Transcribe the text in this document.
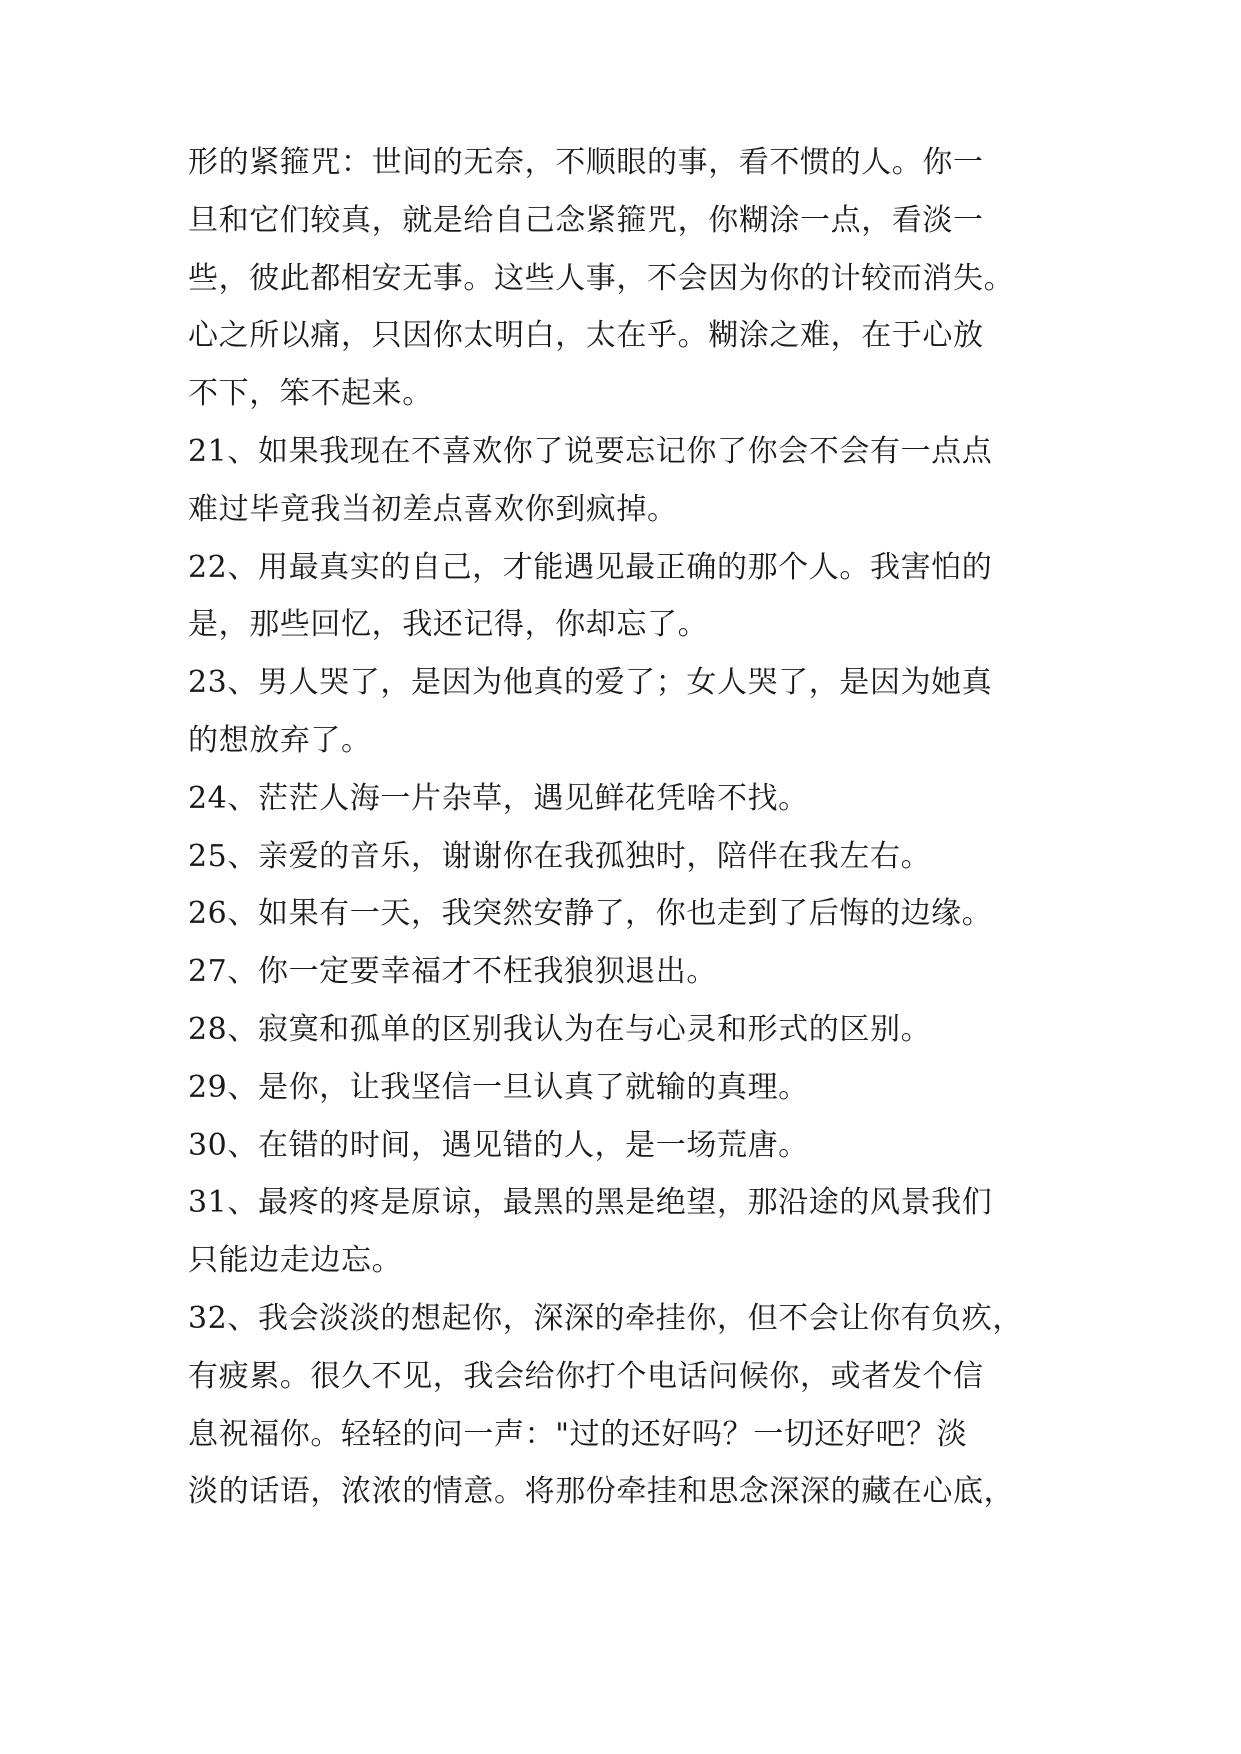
形的紧箍咒：世间的无奈，不顺眼的事，看不惯的人。你一
旦和它们较真，就是给自己念紧箍咒，你糊涂一点，看淡一
些，彼此都相安无事。这些人事，不会因为你的计较而消失。
心之所以痛，只因你太明白，太在乎。糊涂之难，在于心放
不下，笨不起来。
21、如果我现在不喜欢你了说要忘记你了你会不会有一点点
难过毕竟我当初差点喜欢你到疯掉。
22、用最真实的自己，才能遇见最正确的那个人。我害怕的
是，那些回忆，我还记得，你却忘了。
23、男人哭了，是因为他真的爱了；女人哭了，是因为她真
的想放弃了。
24、茫茫人海一片杂草，遇见鲜花凭啥不找。
25、亲爱的音乐，谢谢你在我孤独时，陪伴在我左右。
26、如果有一天，我突然安静了，你也走到了后悔的边缘。
27、你一定要幸福才不枉我狼狈退出。
28、寂寞和孤单的区别我认为在与心灵和形式的区别。
29、是你，让我坚信一旦认真了就输的真理。
30、在错的时间，遇见错的人，是一场荒唐。
31、最疼的疼是原谅，最黑的黑是绝望，那沿途的风景我们
只能边走边忘。
32、我会淡淡的想起你，深深的牵挂你，但不会让你有负疚，
有疲累。很久不见，我会给你打个电话问候你，或者发个信
息祝福你。轻轻的问一声："过的还好吗？一切还好吧？淡
淡的话语，浓浓的情意。将那份牵挂和思念深深的藏在心底，
